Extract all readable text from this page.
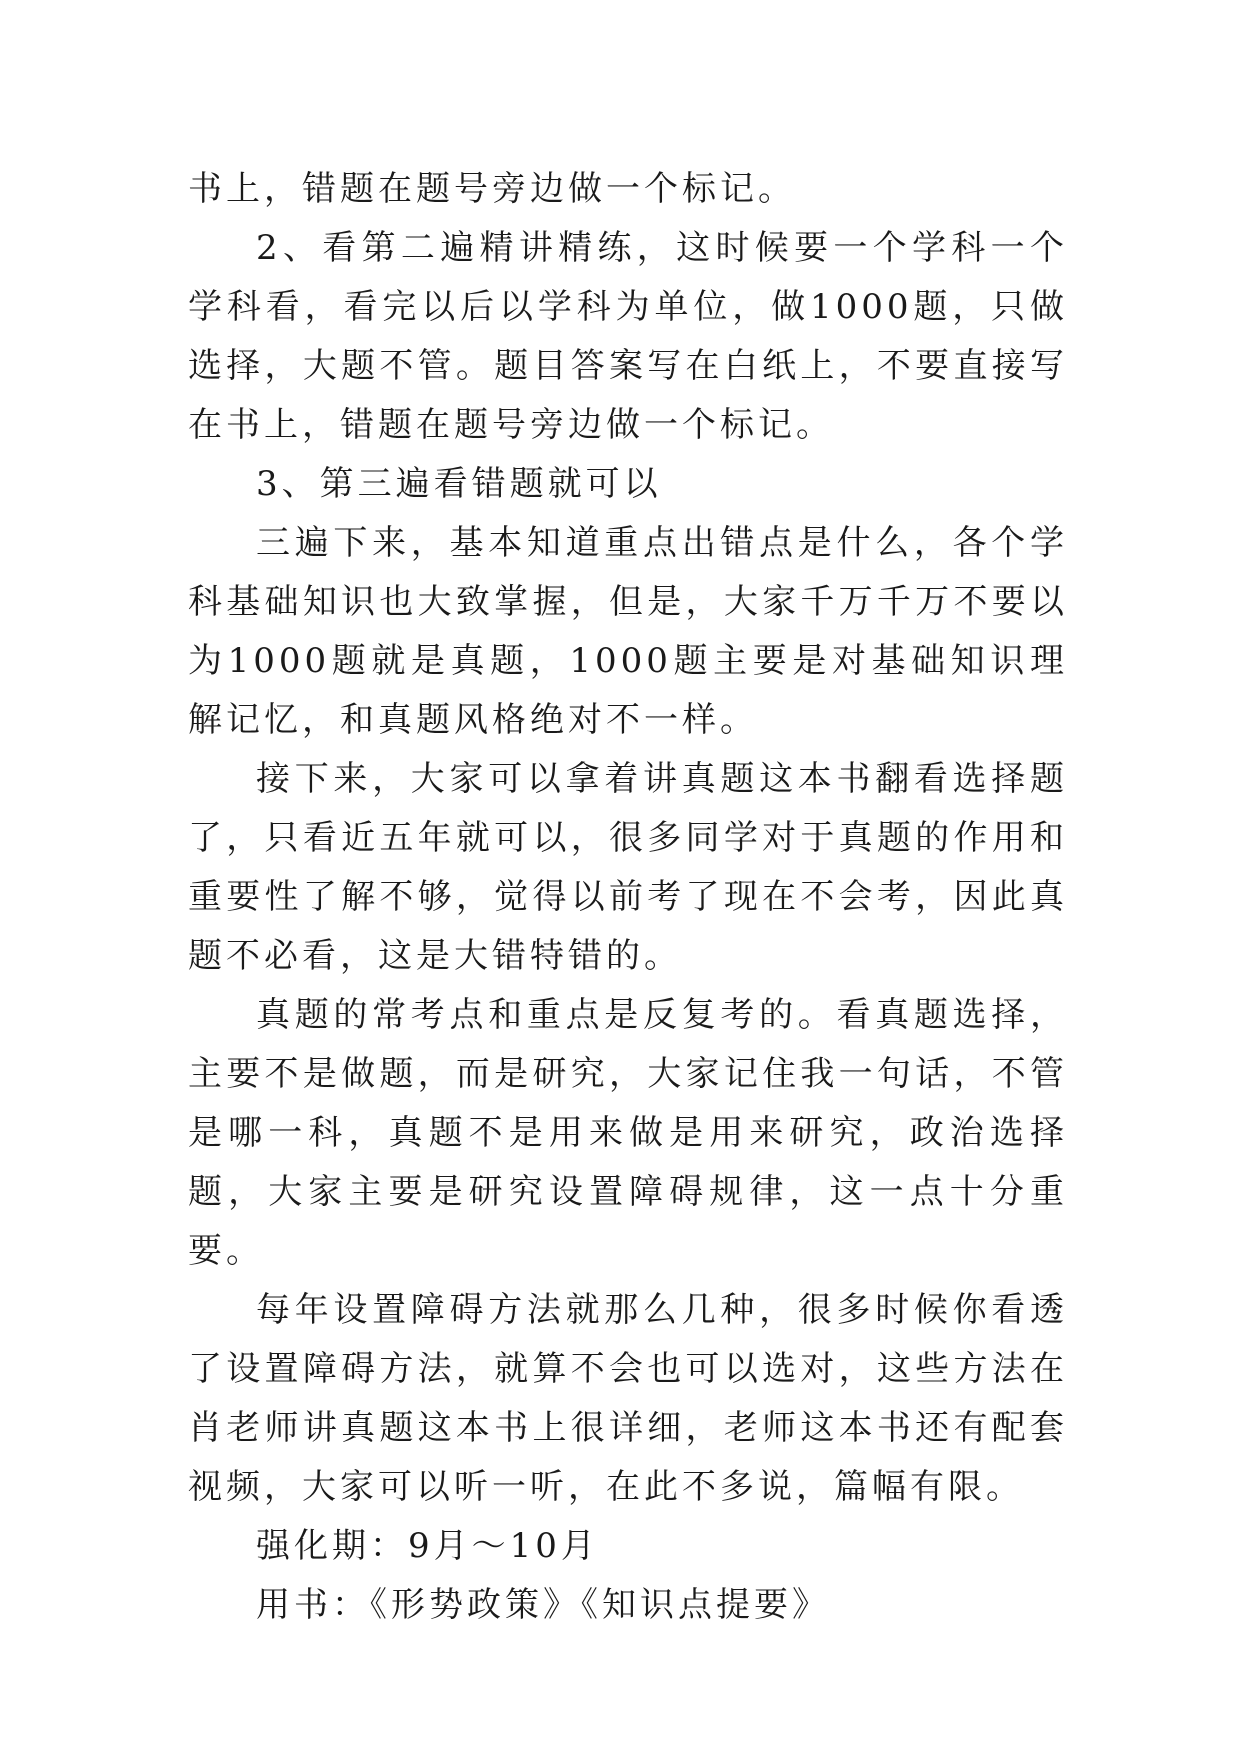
书上，错题在题号旁边做一个标记。

2、看第二遍精讲精练，这时候要一个学科一个学科看，看完以后以学科为单位，做1000题，只做选择，大题不管。题目答案写在白纸上，不要直接写在书上，错题在题号旁边做一个标记。

3、第三遍看错题就可以

三遍下来，基本知道重点出错点是什么，各个学科基础知识也大致掌握，但是，大家千万千万不要以为1000题就是真题，1000题主要是对基础知识理解记忆，和真题风格绝对不一样。

接下来，大家可以拿着讲真题这本书翻看选择题了，只看近五年就可以，很多同学对于真题的作用和重要性了解不够，觉得以前考了现在不会考，因此真题不必看，这是大错特错的。

真题的常考点和重点是反复考的。看真题选择，主要不是做题，而是研究，大家记住我一句话，不管是哪一科，真题不是用来做是用来研究，政治选择题，大家主要是研究设置障碍规律，这一点十分重要。

每年设置障碍方法就那么几种，很多时候你看透了设置障碍方法，就算不会也可以选对，这些方法在肖老师讲真题这本书上很详细，老师这本书还有配套视频，大家可以听一听，在此不多说，篇幅有限。

强化期：9月～10月

用书：《形势政策》《知识点提要》
